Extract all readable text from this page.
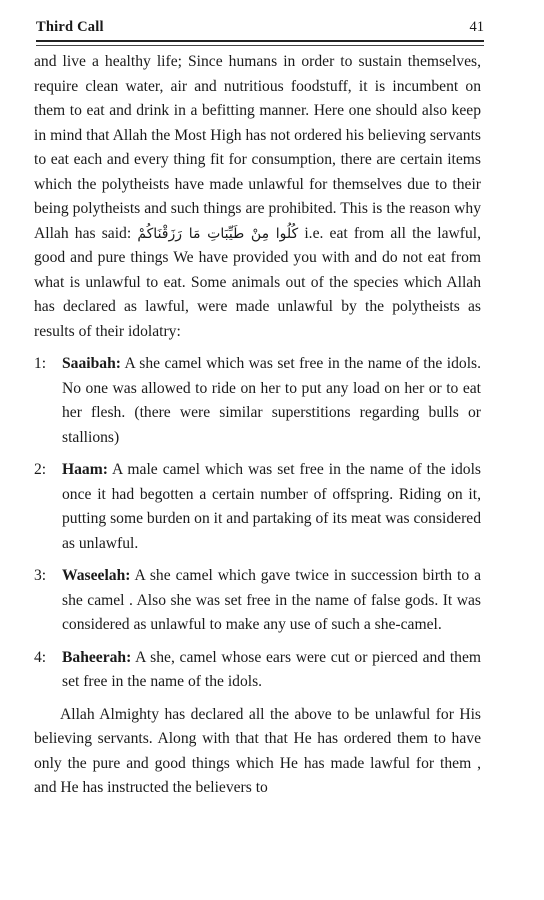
Third Call	41

and live a healthy life; Since humans in order to sustain themselves, require clean water, air and nutritious foodstuff, it is incumbent on them to eat and drink in a befitting manner. Here one should also keep in mind that Allah the Most High has not ordered his believing servants to eat each and every thing fit for consumption, there are certain items which the polytheists have made unlawful for themselves due to their being polytheists and such things are prohibited. This is the reason why Allah has said: كُلُوا مِنْ طَيِّبَاتِ مَا رَزَقْنَاكُمْ i.e. eat from all the lawful, good and pure things We have provided you with and do not eat from what is unlawful to eat. Some animals out of the species which Allah has declared as lawful, were made unlawful by the polytheists as results of their idolatry:

1:	Saaibah: A she camel which was set free in the name of the idols. No one was allowed to ride on her to put any load on her or to eat her flesh. (there were similar superstitions regarding bulls or stallions)
2:	Haam: A male camel which was set free in the name of the idols once it had begotten a certain number of offspring. Riding on it, putting some burden on it and partaking of its meat was considered as unlawful.
3:	Waseelah: A she camel which gave twice in succession birth to a she camel . Also she was set free in the name of false gods. It was considered as unlawful to make any use of such a she-camel.
4:	Baheerah: A she, camel whose ears were cut or pierced and them set free in the name of the idols.

Allah Almighty has declared all the above to be unlawful for His believing servants. Along with that that He has ordered them to have only the pure and good things which He has made lawful for them , and He has instructed the believers to
